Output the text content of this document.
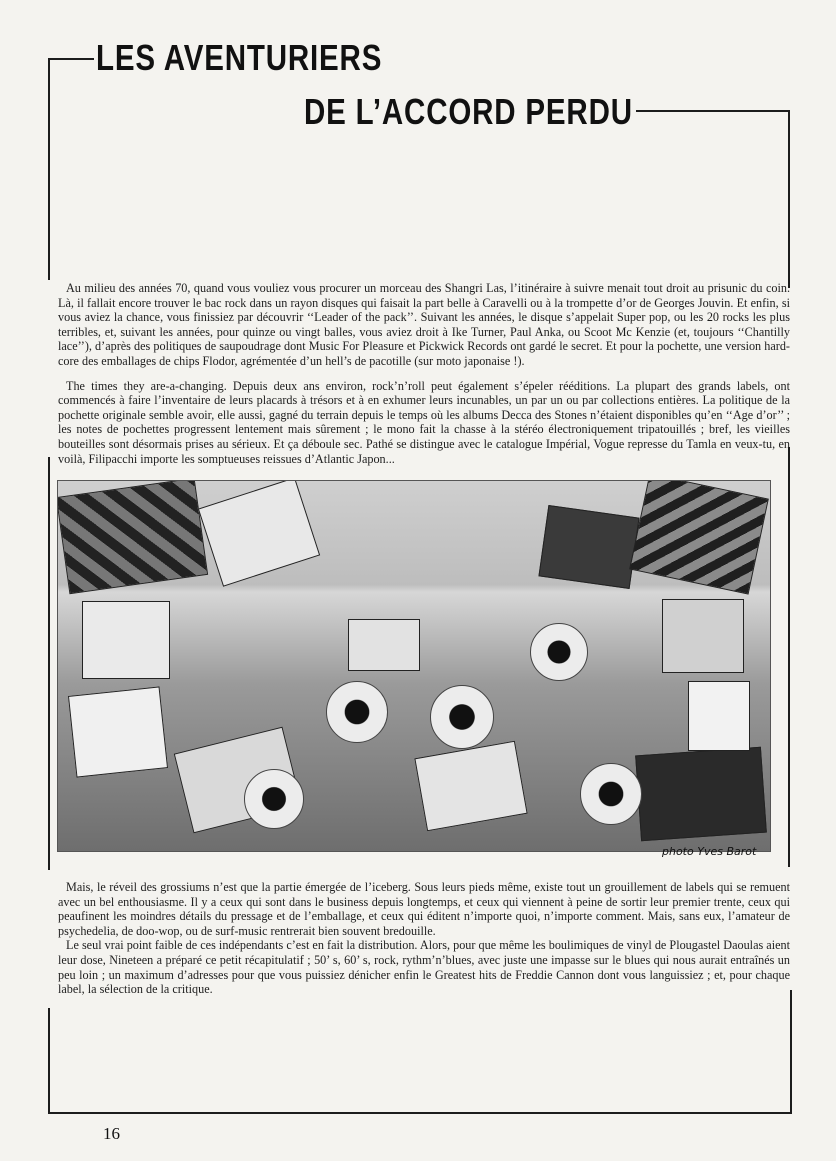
LES AVENTURIERS
DE L’ACCORD PERDU

Au milieu des années 70, quand vous vouliez vous procurer un morceau des Shangri Las, l’itinéraire à suivre menait tout droit au prisunic du coin. Là, il fallait encore trouver le bac rock dans un rayon disques qui faisait la part belle à Caravelli ou à la trompette d’or de Georges Jouvin. Et enfin, si vous aviez la chance, vous finissiez par découvrir ‘‘Leader of the pack’’. Suivant les années, le disque s’appelait Super pop, ou les 20 rocks les plus terribles, et, suivant les années, pour quinze ou vingt balles, vous aviez droit à Ike Turner, Paul Anka, ou Scoot Mc Kenzie (et, toujours ‘‘Chantilly lace’’), d’après des politiques de saupoudrage dont Music For Pleasure et Pickwick Records ont gardé le secret. Et pour la pochette, une version hard-core des emballages de chips Flodor, agrémentée d’un hell’s de pacotille (sur moto japonaise !).

The times they are-a-changing. Depuis deux ans environ, rock’n’roll peut également s’épeler rééditions. La plupart des grands labels, ont commencés à faire l’inventaire de leurs placards à trésors et à en exhumer leurs incunables, un par un ou par collections entières. La politique de la pochette originale semble avoir, elle aussi, gagné du terrain depuis le temps où les albums Decca des Stones n’étaient disponibles qu’en ‘‘Age d’or’’ ; les notes de pochettes progressent lentement mais sûrement ; le mono fait la chasse à la stéréo électroniquement tripatouillés ; bref, les vieilles bouteilles sont désormais prises au sérieux. Et ça déboule sec. Pathé se distingue avec le catalogue Impérial, Vogue represse du Tamla en veux-tu, en voilà, Filipacchi importe les somptueuses reissues d’Atlantic Japon...

photo Yves Barot

Mais, le réveil des grossiums n’est que la partie émergée de l’iceberg. Sous leurs pieds même, existe tout un grouillement de labels qui se remuent avec un bel enthousiasme. Il y a ceux qui sont dans le business depuis longtemps, et ceux qui viennent à peine de sortir leur premier trente, ceux qui peaufinent les moindres détails du pressage et de l’emballage, et ceux qui éditent n’importe quoi, n’importe comment. Mais, sans eux, l’amateur de psychedelia, de doo-wop, ou de surf-music rentrerait bien souvent bredouille.

Le seul vrai point faible de ces indépendants c’est en fait la distribution. Alors, pour que même les boulimiques de vinyl de Plougastel Daoulas aient leur dose, Nineteen a préparé ce petit récapitulatif ; 50’ s, 60’ s, rock, rythm’n’blues, avec juste une impasse sur le blues qui nous aurait entraînés un peu loin ; un maximum d’adresses pour que vous puissiez dénicher enfin le Greatest hits de Freddie Cannon dont vous languissiez ; et, pour chaque label, la sélection de la critique.

16
